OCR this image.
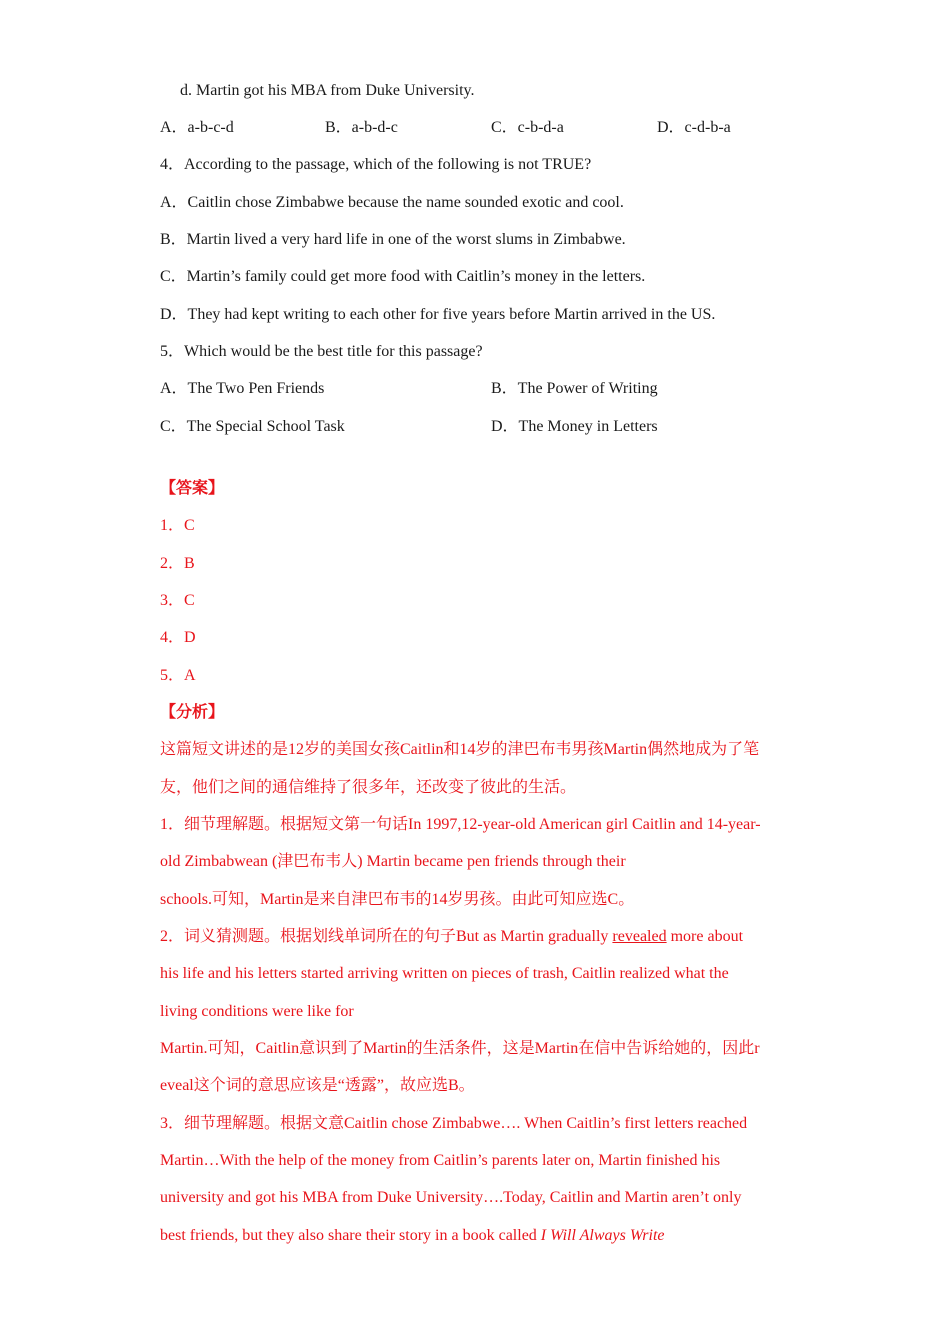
d. Martin got his MBA from Duke University.
A．a-b-c-d	B．a-b-d-c	C．c-b-d-a	D．c-d-b-a
4．According to the passage, which of the following is not TRUE?
A．Caitlin chose Zimbabwe because the name sounded exotic and cool.
B．Martin lived a very hard life in one of the worst slums in Zimbabwe.
C．Martin’s family could get more food with Caitlin’s money in the letters.
D．They had kept writing to each other for five years before Martin arrived in the US.
5．Which would be the best title for this passage?
A．The Two Pen Friends	B．The Power of Writing
C．The Special School Task	D．The Money in Letters
【答案】
1．C
2．B
3．C
4．D
5．A
【分析】
这篇短文讲述的是12岁的美国女孩Caitlin和14岁的津巴布韦男孩Martin偶然地成为了笔
友，他们之间的通信维持了很多年，还改变了彼此的生活。
1．细节理解题。根据短文第一句话In 1997,12-year-old American girl Caitlin and 14-year-
old Zimbabwean (津巴布韦人) Martin became pen friends through their
schools.可知，Martin是来自津巴布韦的14岁男孩。由此可知应选C。
2．词义猜测题。根据划线单词所在的句子But as Martin gradually revealed more about
his life and his letters started arriving written on pieces of trash, Caitlin realized what the
living conditions were like for
Martin.可知，Caitlin意识到了Martin的生活条件，这是Martin在信中告诉给她的，因此r
eveal这个词的意思应该是“透露”，故应选B。
3．细节理解题。根据文意Caitlin chose Zimbabwe…. When Caitlin’s first letters reached
Martin…With the help of the money from Caitlin’s parents later on, Martin finished his
university and got his MBA from Duke University….Today, Caitlin and Martin aren’t only
best friends, but they also share their story in a book called I Will Always Write
